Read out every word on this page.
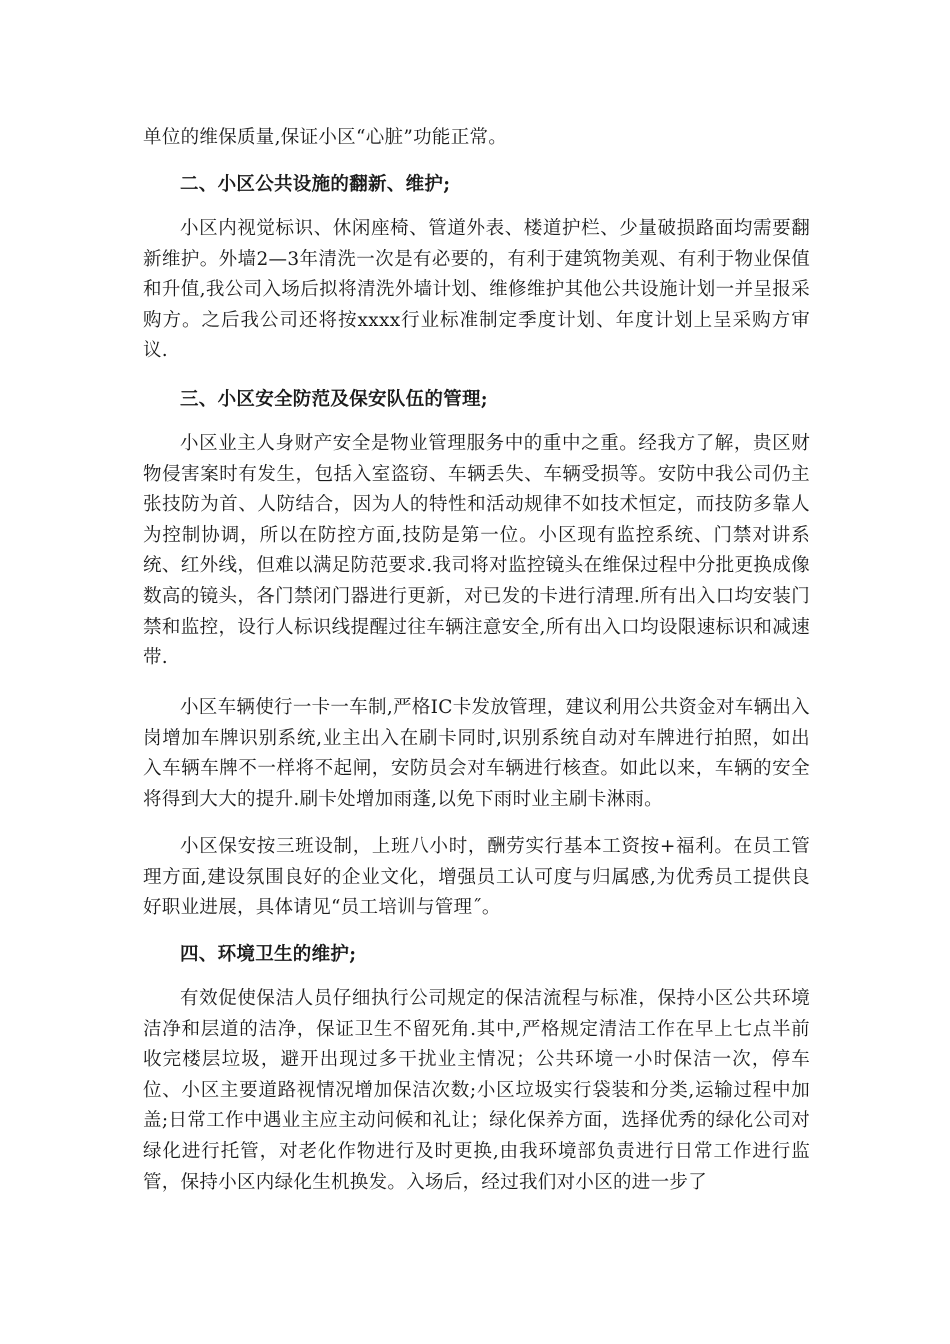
单位的维保质量,保证小区“心脏”功能正常。

二、小区公共设施的翻新、维护;

小区内视觉标识、休闲座椅、管道外表、楼道护栏、少量破损路面均需要翻新维护。外墙2—3年清洗一次是有必要的，有利于建筑物美观、有利于物业保值和升值,我公司入场后拟将清洗外墙计划、维修维护其他公共设施计划一并呈报采购方。之后我公司还将按xxxx行业标准制定季度计划、年度计划上呈采购方审议.

三、小区安全防范及保安队伍的管理;

小区业主人身财产安全是物业管理服务中的重中之重。经我方了解，贵区财物侵害案时有发生，包括入室盗窃、车辆丢失、车辆受损等。安防中我公司仍主张技防为首、人防结合，因为人的特性和活动规律不如技术恒定，而技防多靠人为控制协调，所以在防控方面,技防是第一位。小区现有监控系统、门禁对讲系统、红外线，但难以满足防范要求.我司将对监控镜头在维保过程中分批更换成像数高的镜头，各门禁闭门器进行更新，对已发的卡进行清理.所有出入口均安装门禁和监控，设行人标识线提醒过往车辆注意安全,所有出入口均设限速标识和减速带.

小区车辆使行一卡一车制,严格IC卡发放管理，建议利用公共资金对车辆出入岗增加车牌识别系统,业主出入在刷卡同时,识别系统自动对车牌进行拍照，如出入车辆车牌不一样将不起闸，安防员会对车辆进行核查。如此以来，车辆的安全将得到大大的提升.刷卡处增加雨蓬,以免下雨时业主刷卡淋雨。

小区保安按三班设制，上班八小时，酬劳实行基本工资按+福利。在员工管理方面,建设氛围良好的企业文化，增强员工认可度与归属感,为优秀员工提供良好职业进展，具体请见“员工培训与管理˝。

四、环境卫生的维护;

有效促使保洁人员仔细执行公司规定的保洁流程与标准，保持小区公共环境洁净和层道的洁净，保证卫生不留死角.其中,严格规定清洁工作在早上七点半前收完楼层垃圾，避开出现过多干扰业主情况；公共环境一小时保洁一次，停车位、小区主要道路视情况增加保洁次数;小区垃圾实行袋装和分类,运输过程中加盖;日常工作中遇业主应主动问候和礼让；绿化保养方面，选择优秀的绿化公司对绿化进行托管，对老化作物进行及时更换,由我环境部负责进行日常工作进行监管，保持小区内绿化生机换发。入场后，经过我们对小区的进一步了
